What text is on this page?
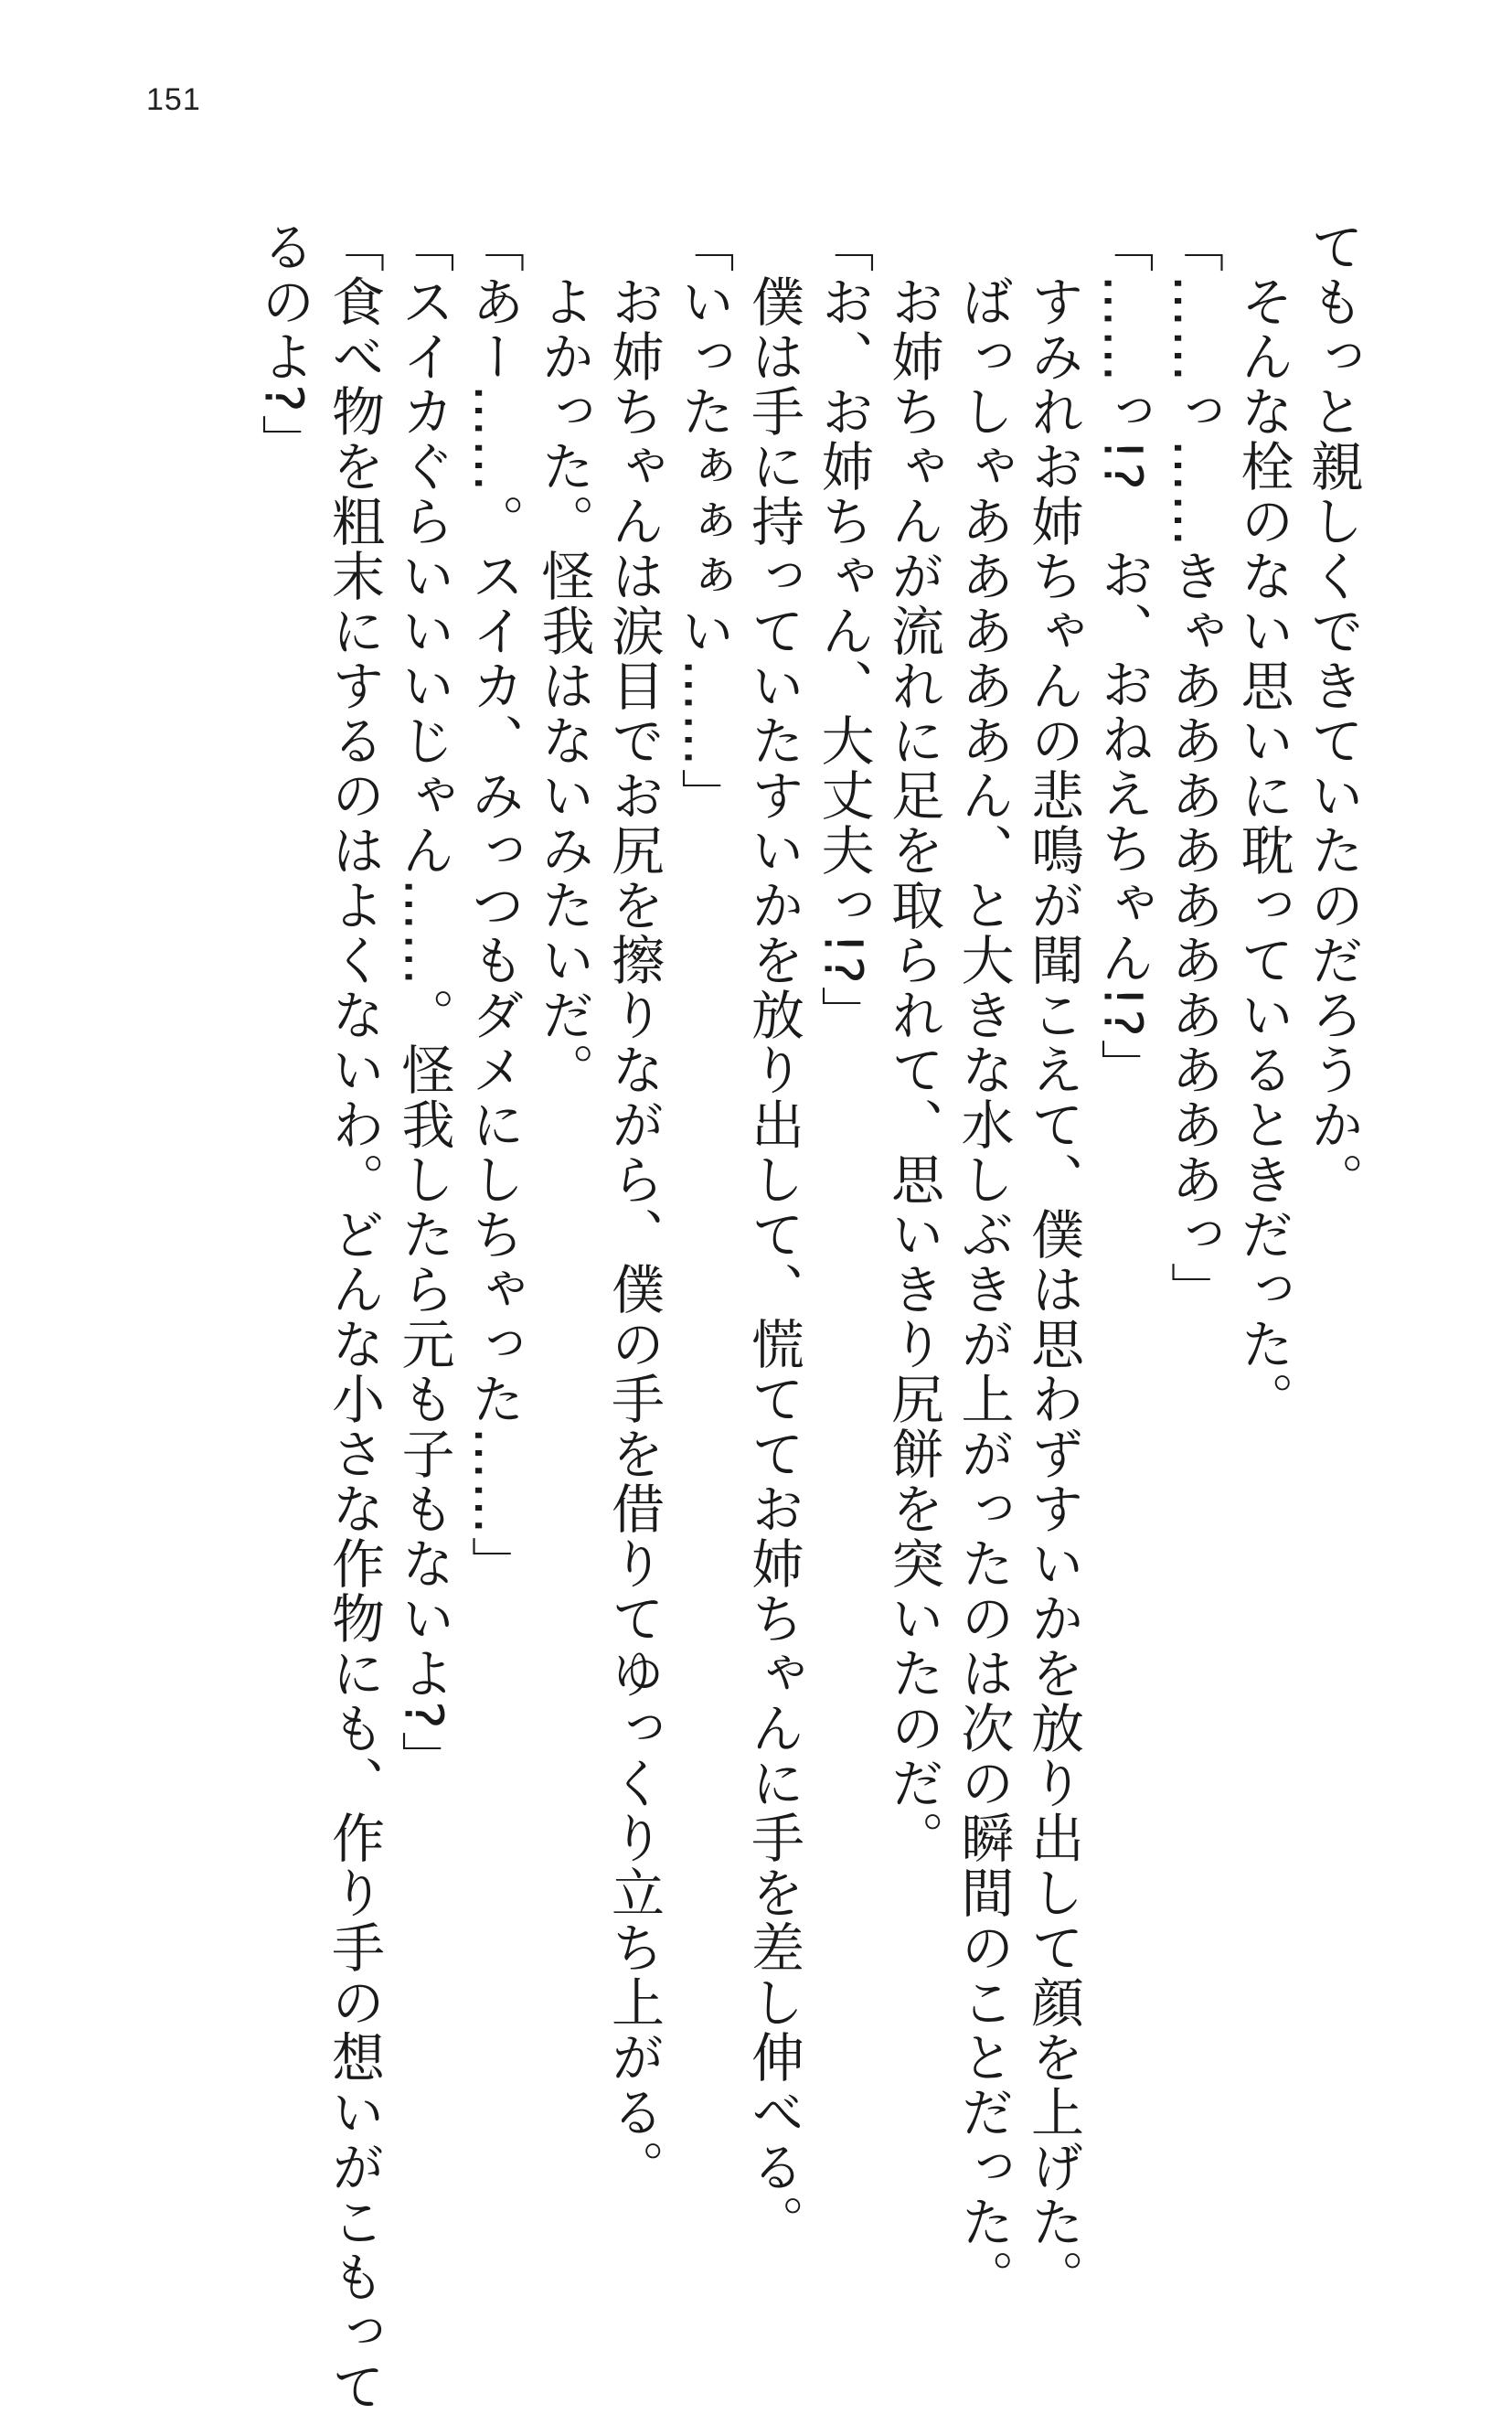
151
てもっと親しくできていたのだろうか。
　そんな栓のない思いに耽っているときだった。
「……っ……きゃああああああああああっ」
「……っ!?　お、おねえちゃん!?」
　すみれお姉ちゃんの悲鳴が聞こえて、僕は思わずすいかを放り出して顔を上げた。
　ばっしゃあああああん、と大きな水しぶきが上がったのは次の瞬間のことだった。
　お姉ちゃんが流れに足を取られて、思いきり尻餅を突いたのだ。
「お、お姉ちゃん、大丈夫っ!?」
　僕は手に持っていたすいかを放り出して、慌ててお姉ちゃんに手を差し伸べる。
「いったぁぁぁい……」
　お姉ちゃんは涙目でお尻を擦りながら、僕の手を借りてゆっくり立ち上がる。
　よかった。怪我はないみたいだ。
「あー……。スイカ、みっつもダメにしちゃった……」
「スイカぐらいいいじゃん……。怪我したら元も子もないよ?」
「食べ物を粗末にするのはよくないわ。どんな小さな作物にも、作り手の想いがこもって
るのよ?」
